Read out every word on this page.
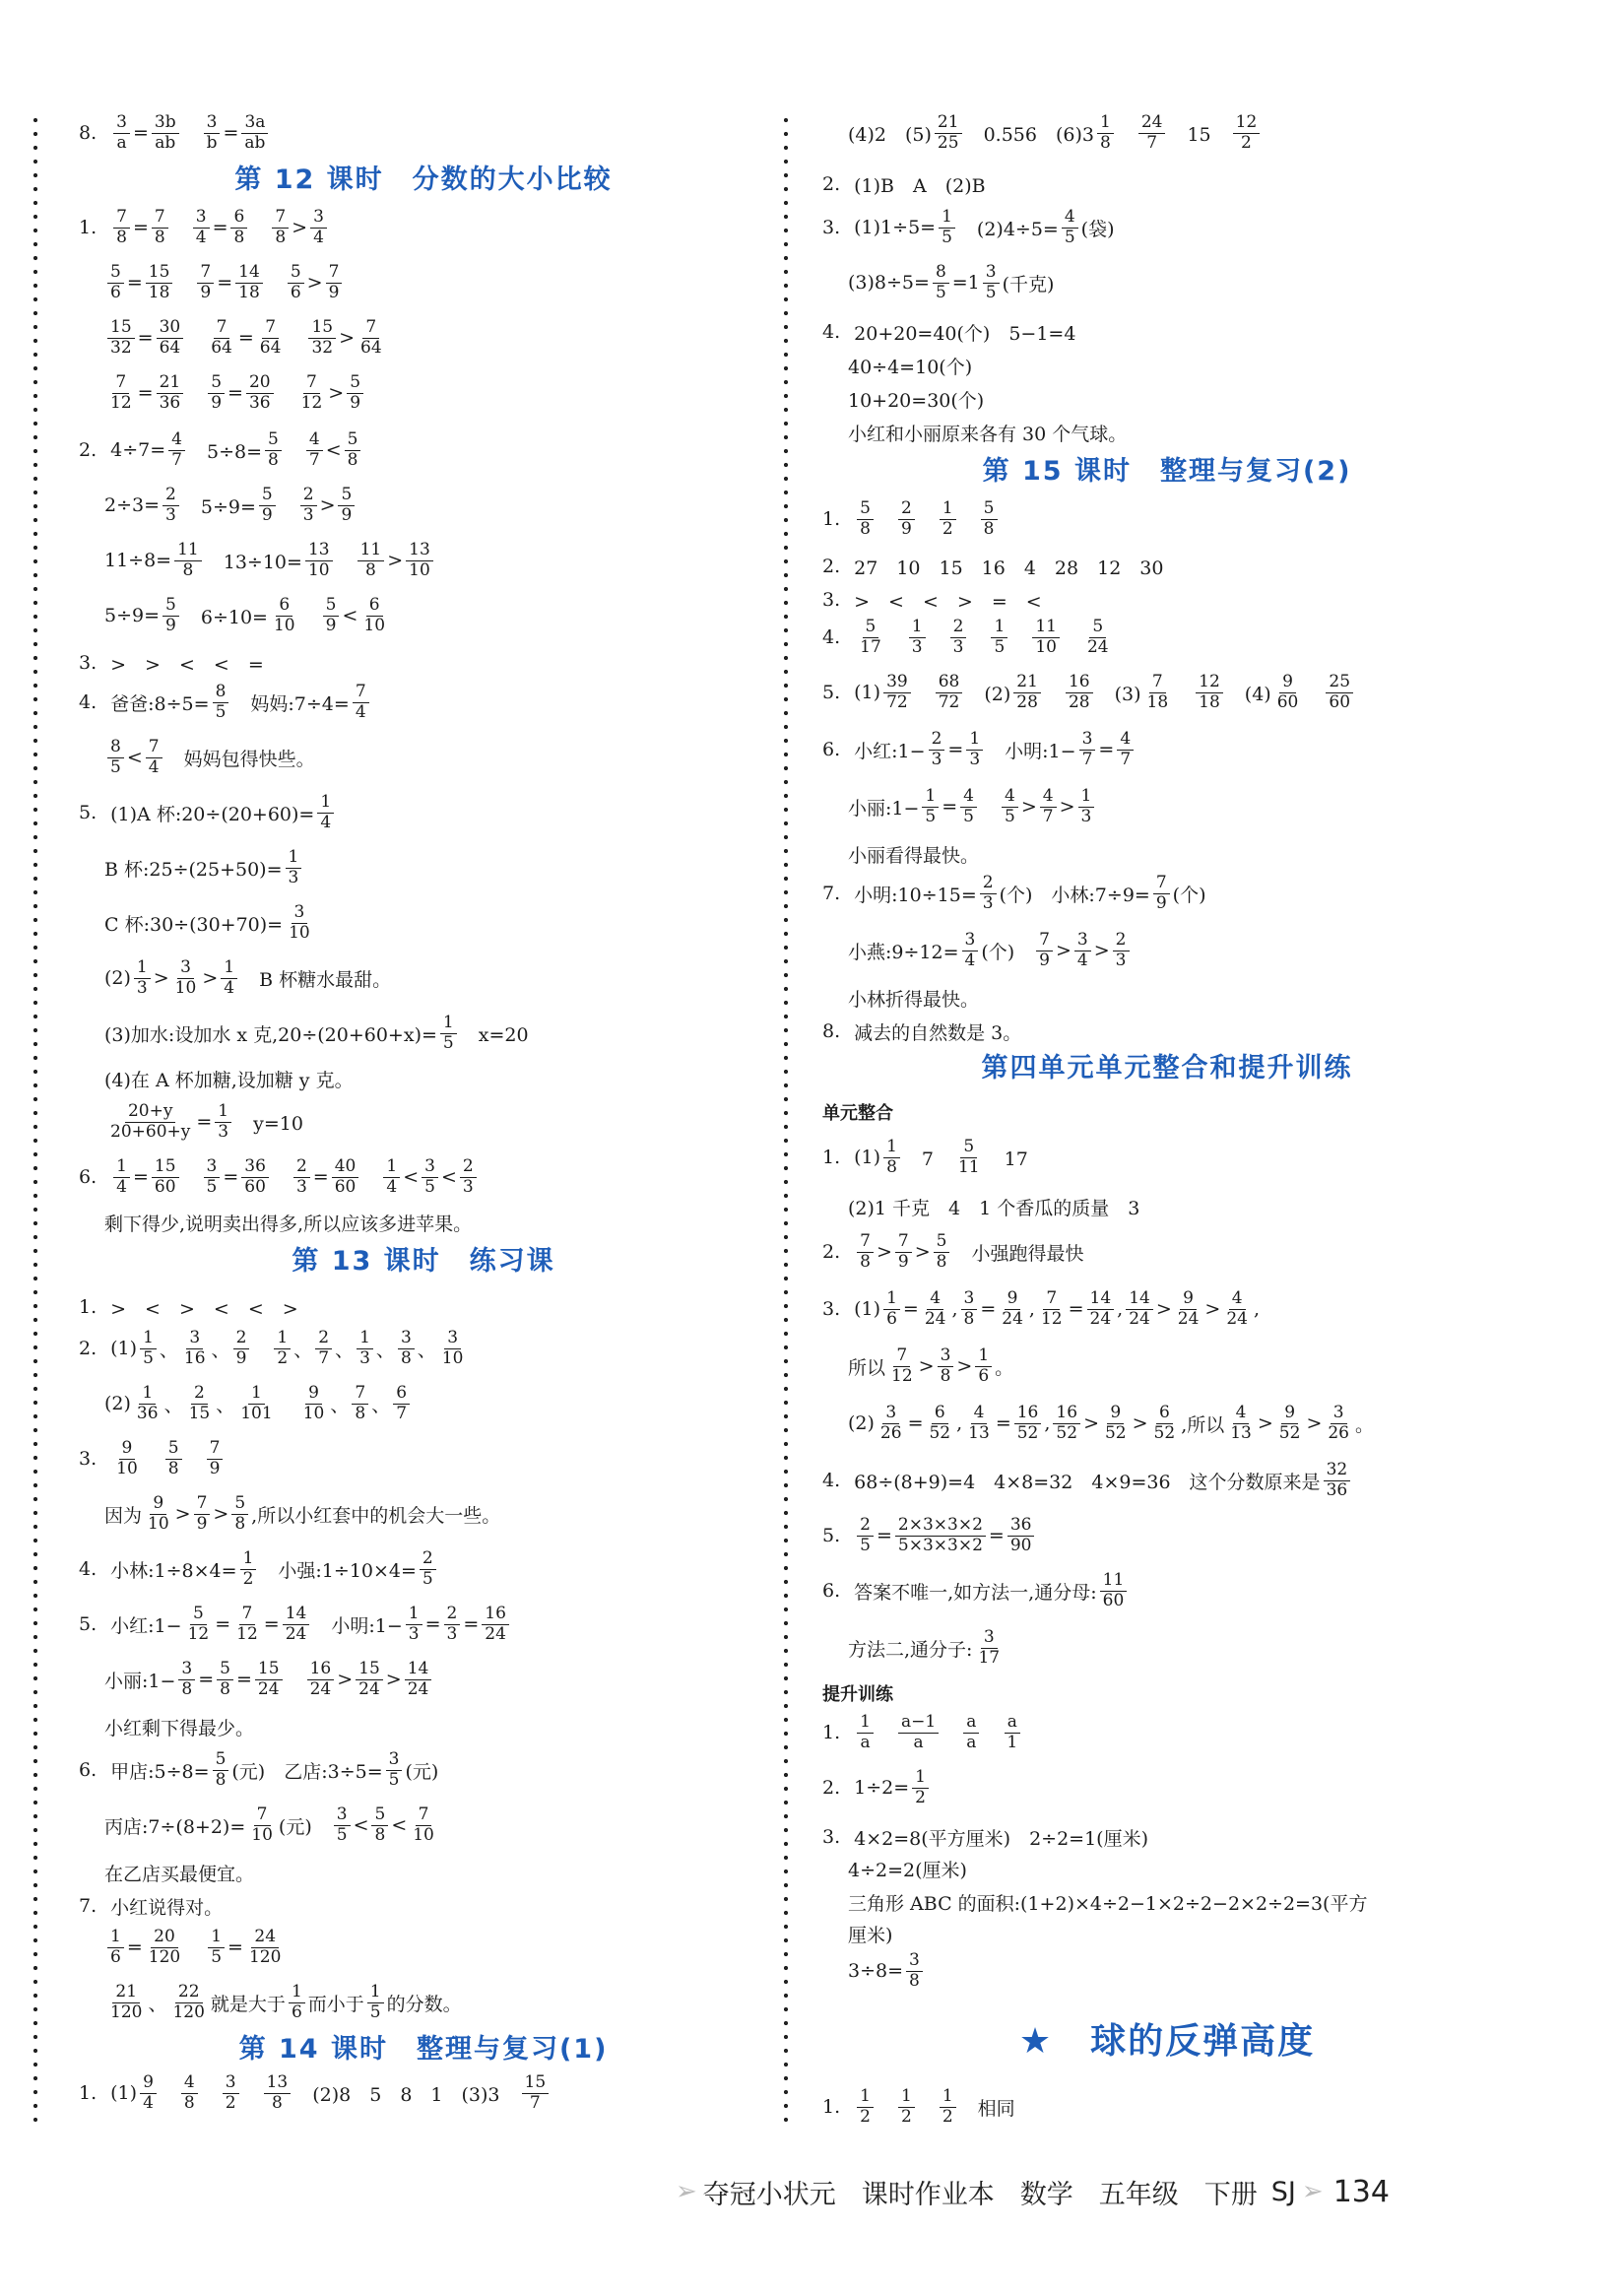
8. $\frac{3}{a} = \frac{3b}{ab}$
　 $\frac{3}{b} = \frac{3a}{ab}$
第 12 课时　分数的大小比较
1. $\frac{7}{8} = \frac{7}{8}$
　 $\frac{3}{4} = \frac{6}{8}$
　 $\frac{7}{8} > \frac{3}{4}$
$\frac{5}{6} = \frac{15}{18}$
　 $\frac{7}{9} = \frac{14}{18}$
　 $\frac{5}{6} > \frac{7}{9}$
$\frac{15}{32} = \frac{30}{64}$
　 $\frac{7}{64} = \frac{7}{64}$
　 $\frac{15}{32} > \frac{7}{64}$
$\frac{7}{12} = \frac{21}{36}$
　 $\frac{5}{9} = \frac{20}{36}$
　 $\frac{7}{12} > \frac{5}{9}$
2. $4\div 7= \frac{4}{7}$ 　$5\div 8= \frac{5}{8}$
　 $\frac{4}{7} < \frac{5}{8}$
$2\div 3= \frac{2}{3}$ 　$5\div 9= \frac{5}{9}$
　 $\frac{2}{3} > \frac{5}{9}$
$11\div 8= \frac{11}{8}$ 　$13\div 10= \frac{13}{10}$
　 $\frac{11}{8} > \frac{13}{10}$
$5\div 9= \frac{5}{9}$ 　$6\div 10= \frac{6}{10}$
　 $\frac{5}{9} < \frac{6}{10}$
3. >　>　<　<　=
4. 爸爸:8÷5= $\frac{8}{5}$ 　妈妈:7÷4= $\frac{7}{4}$
$\frac{8}{5} < \frac{7}{4}$ 　妈妈包得快些。
5. (1)A 杯:20÷(20+60)= $\frac{1}{4}$
B 杯:25÷(25+50)= $\frac{1}{3}$
C 杯:30÷(30+70)= $\frac{3}{10}$
$(2) \frac{1}{3} > \frac{3}{10} > \frac{1}{4}$ 　B 杯糖水最甜。
(3)加水:设加水 x 克$,20\div(20+60+x)= \frac{1}{5}$ 　x=20
(4)在 A 杯加糖,设加糖 y 克。
$\frac{20+y}{20+60+y} = \frac{1}{3}$ 　y=10
6. $\frac{1}{4} = \frac{15}{60}$
　 $\frac{3}{5} = \frac{36}{60}$
　 $\frac{2}{3} = \frac{40}{60}$
　 $\frac{1}{4} < \frac{3}{5} < \frac{2}{3}$
剩下得少,说明卖出得多,所以应该多进苹果。
第 13 课时　练习课
1. >　<　>　<　<　>
2. $(1) \frac{1}{5}$ 、 $\frac{3}{16}$ 、 $\frac{2}{9}$
　 $\frac{1}{2}$ 、 $\frac{2}{7}$ 、 $\frac{1}{3}$ 、 $\frac{3}{8}$ 、 $\frac{3}{10}$
$(2) \frac{1}{36}$ 、 $\frac{2}{15}$ 、 $\frac{1}{101}$
　 $\frac{9}{10}$ 、 $\frac{7}{8}$ 、 $\frac{6}{7}$
3. $\frac{9}{10}$
　 $\frac{5}{8}$
　 $\frac{7}{9}$
因为 $\frac{9}{10} > \frac{7}{9} > \frac{5}{8}$ ,所以小红套中的机会大一些。
4. 小林:1÷8×4= $\frac{1}{2}$ 　小强:1÷10×4= $\frac{2}{5}$
5. 小红:1− $\frac{5}{12} = \frac{7}{12} = \frac{14}{24}$ 　小明:1− $\frac{1}{3} = \frac{2}{3} = \frac{16}{24}$
小丽:1− $\frac{3}{8} = \frac{5}{8} = \frac{15}{24}$
　 $\frac{16}{24} > \frac{15}{24} > \frac{14}{24}$
小红剩下得最少。
6. 甲店:5÷8= $\frac{5}{8}$ (元)　乙店:3÷5= $\frac{3}{5}$ (元)
丙店:7÷(8+2)= $\frac{7}{10}$ (元)　 $\frac{3}{5} < \frac{5}{8} < \frac{7}{10}$
在乙店买最便宜。
7. 小红说得对。
$\frac{1}{6} = \frac{20}{120}$
　 $\frac{1}{5} = \frac{24}{120}$
$\frac{21}{120}$ 、 $\frac{22}{120}$ 就是大于 $\frac{1}{6}$ 而小于 $\frac{1}{5}$ 的分数。
第 14 课时　整理与复习(1)
1. $(1) \frac{9}{4}$
　 $\frac{4}{8}$
　 $\frac{3}{2}$
　 $\frac{13}{8}$ 　(2)8　5　8　1　(3)3　 $\frac{15}{7}$
(4)2　$(5) \frac{21}{25}$ 　0.556　$(6)3 \frac{1}{8}$
　 $\frac{24}{7}$ 　15　 $\frac{12}{2}$
2. (1)B　A　(2)B
3. $(1)1\div 5= \frac{1}{5}$ 　$(2)4\div 5= \frac{4}{5}$ (袋)
$(3)8\div 5= \frac{8}{5} =1 \frac{3}{5}$ (千克)
4. 20+20=40(个)　5−1=4
40÷4=10(个)
10+20=30(个)
小红和小丽原来各有 30 个气球。
第 15 课时　整理与复习(2)
1. $\frac{5}{8}$
　 $\frac{2}{9}$
　 $\frac{1}{2}$
　 $\frac{5}{8}$
2. 27　10　15　16　4　28　12　30
3. >　<　<　>　=　<
4. $\frac{5}{17}$
　 $\frac{1}{3}$
　 $\frac{2}{3}$
　 $\frac{1}{5}$
　 $\frac{11}{10}$
　 $\frac{5}{24}$
5. $(1) \frac{39}{72}$
　 $\frac{68}{72}$ 　$(2) \frac{21}{28}$
　 $\frac{16}{28}$ 　$(3) \frac{7}{18}$
　 $\frac{12}{18}$ 　$(4) \frac{9}{60}$
　 $\frac{25}{60}$
6. 小红:1− $\frac{2}{3} = \frac{1}{3}$ 　小明:1− $\frac{3}{7} = \frac{4}{7}$
小丽:1− $\frac{1}{5} = \frac{4}{5}$
　 $\frac{4}{5} > \frac{4}{7} > \frac{1}{3}$
小丽看得最快。
7. 小明:10÷15= $\frac{2}{3}$ (个)　小林:7÷9= $\frac{7}{9}$ (个)
小燕:9÷12= $\frac{3}{4}$ (个)　 $\frac{7}{9} > \frac{3}{4} > \frac{2}{3}$
小林折得最快。
8. 减去的自然数是 3。
第四单元单元整合和提升训练
单元整合
1. $(1) \frac{1}{8}$ 　7　 $\frac{5}{11}$ 　17
(2)1 千克　4　1 个香瓜的质量　3
2. $\frac{7}{8} > \frac{7}{9} > \frac{5}{8}$ 　小强跑得最快
3. $(1) \frac{1}{6} = \frac{4}{24}$ , $\frac{3}{8} = \frac{9}{24}$ , $\frac{7}{12} = \frac{14}{24}$ , $\frac{14}{24} > \frac{9}{24} > \frac{4}{24}$ ,
所以 $\frac{7}{12} > \frac{3}{8} > \frac{1}{6}$ 。
$(2) \frac{3}{26} = \frac{6}{52}$ , $\frac{4}{13} = \frac{16}{52}$ , $\frac{16}{52} > \frac{9}{52} > \frac{6}{52}$ ,所以 $\frac{4}{13} > \frac{9}{52} > \frac{3}{26}$ 。
4. 68÷(8+9)=4　4×8=32　4×9=36　这个分数原来是 $\frac{32}{36}$
5. $\frac{2}{5} = \frac{2\times 3\times 3\times 2}{5\times 3\times 3\times 2} = \frac{36}{90}$
6. 答案不唯一,如方法一,通分母: $\frac{11}{60}$
方法二,通分子: $\frac{3}{17}$
提升训练
1. $\frac{1}{a}$
　 $\frac{a-1}{a}$
　 $\frac{a}{a}$
　 $\frac{a}{1}$
2. $1\div 2= \frac{1}{2}$
3. 4×2=8(平方厘米)　2÷2=1(厘米)
4÷2=2(厘米)
三角形 ABC 的面积:(1+2)×4÷2−1×2÷2−2×2÷2=3(平方
厘米)
$3\div 8= \frac{3}{8}$
★　球的反弹高度
1. $\frac{1}{2}$
　 $\frac{1}{2}$
　 $\frac{1}{2}$ 　相同
➢ 夺冠小状元 课时作业本 数学 五年级 下册 SJ ➢ 134
